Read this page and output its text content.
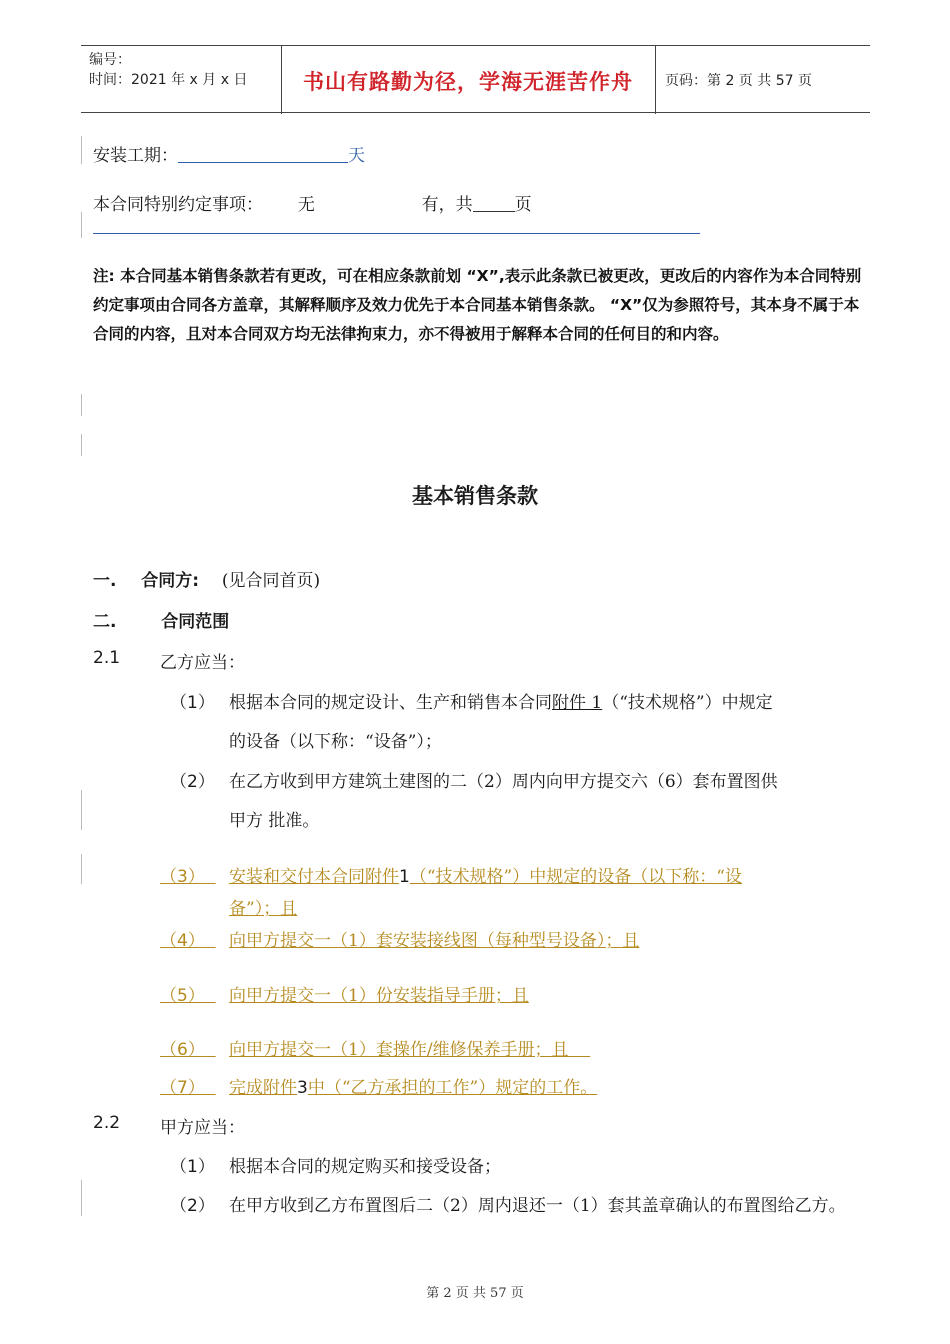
编号：
时间：2021 年 x 月 x 日	书山有路勤为径，学海无涯苦作舟	页码：第 2 页 共 57 页
安装工期：	天
本合同特别约定事项： 无	有，共 页
注: 本合同基本销售条款若有更改，可在相应条款前划 “X”,表示此条款已被更改，更改后的内容作为本合同特别约定事项由合同各方盖章，其解释顺序及效力优先于本合同基本销售条款。 “X”仅为参照符号，其本身不属于本合同的内容，且对本合同双方均无法律拘束力，亦不得被用于解释本合同的任何目的和内容。
基本销售条款
一. 合同方: (见合同首页)
二.	合同范围
2.1 乙方应当：
（1） 根据本合同的规定设计、生产和销售本合同附件 1（“技术规格”）中规定
的设备（以下称：“设备”）；
（2） 在乙方收到甲方建筑土建图的二（2）周内向甲方提交六（6）套布置图供
甲方 批准。
（3）	安装和交付本合同附件1（“技术规格”）中规定的设备（以下称：“设
备”）；且
（4）	向甲方提交一（1）套安装接线图（每种型号设备）；且
（5）	向甲方提交一（1）份安装指导手册；且
（6）	向甲方提交一（1）套操作/维修保养手册；且
（7）	完成附件3中（“乙方承担的工作”）规定的工作。
2.2 甲方应当：
（1） 根据本合同的规定购买和接受设备；
（2） 在甲方收到乙方布置图后二（2）周内退还一（1）套其盖章确认的布置图给乙方。
第 2 页 共 57 页
